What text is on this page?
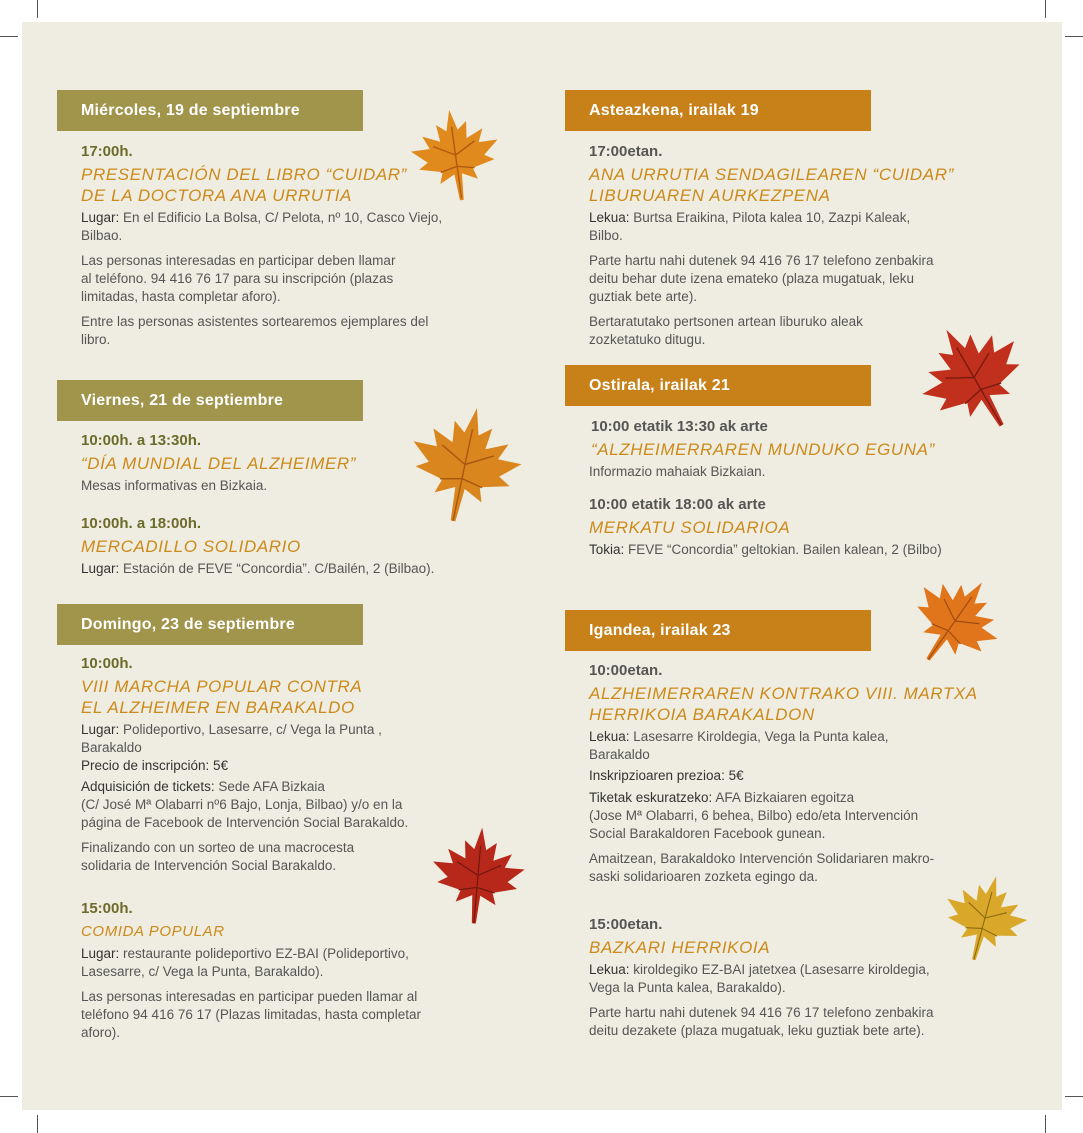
Miércoles, 19 de septiembre
17:00h.
PRESENTACIÓN DEL LIBRO “CUIDAR”
DE LA DOCTORA ANA URRUTIA
Lugar: En el Edificio La Bolsa, C/ Pelota, nº 10, Casco Viejo,
Bilbao.
Las personas interesadas en participar deben llamar
al teléfono. 94 416 76 17 para su inscripción (plazas
limitadas, hasta completar aforo).
Entre las personas asistentes sortearemos ejemplares del
libro.
Viernes, 21 de septiembre
10:00h. a 13:30h.
“DÍA MUNDIAL DEL ALZHEIMER”
Mesas informativas en Bizkaia.
10:00h. a 18:00h.
MERCADILLO SOLIDARIO
Lugar: Estación de FEVE “Concordia”. C/Bailén, 2 (Bilbao).
Domingo, 23 de septiembre
10:00h.
VIII MARCHA POPULAR CONTRA
EL ALZHEIMER EN BARAKALDO
Lugar: Polideportivo, Lasesarre, c/ Vega la Punta ,
Barakaldo
Precio de inscripción: 5€
Adquisición de tickets: Sede AFA Bizkaia
(C/ José Mª Olabarri nº6 Bajo, Lonja, Bilbao) y/o en la
página de Facebook de Intervención Social Barakaldo.
Finalizando con un sorteo de una macrocesta
solidaria de Intervención Social Barakaldo.
15:00h.
COMIDA POPULAR
Lugar: restaurante polideportivo EZ-BAI (Polideportivo,
Lasesarre, c/ Vega la Punta, Barakaldo).
Las personas interesadas en participar pueden llamar al
teléfono 94 416 76 17 (Plazas limitadas, hasta completar
aforo).
Asteazkena, irailak 19
17:00etan.
ANA URRUTIA SENDAGILEAREN “CUIDAR”
LIBURUAREN AURKEZPENA
Lekua: Burtsa Eraikina, Pilota kalea 10, Zazpi Kaleak,
Bilbo.
Parte hartu nahi dutenek 94 416 76 17 telefono zenbakira
deitu behar dute izena emateko (plaza mugatuak, leku
guztiak bete arte).
Bertaratutako pertsonen artean liburuko aleak
zozketatuko ditugu.
Ostirala, irailak 21
10:00 etatik 13:30 ak arte
“ALZHEIMERRAREN MUNDUKO EGUNA”
Informazio mahaiak Bizkaian.
10:00 etatik 18:00 ak arte
MERKATU SOLIDARIOA
Tokia: FEVE “Concordia” geltokian. Bailen kalean, 2 (Bilbo)
Igandea, irailak 23
10:00etan.
ALZHEIMERRAREN KONTRAKO VIII. MARTXA
HERRIKOIA BARAKALDON
Lekua: Lasesarre Kiroldegia, Vega la Punta kalea,
Barakaldo
Inskripzioaren prezioa: 5€
Tiketak eskuratzeko: AFA Bizkaiaren egoitza
(Jose Mª Olabarri, 6 behea, Bilbo) edo/eta Intervención
Social Barakaldoren Facebook gunean.
Amaitzean, Barakaldoko Intervención Solidariaren makro-
saski solidarioaren zozketa egingo da.
15:00etan.
BAZKARI HERRIKOIA
Lekua: kiroldegiko EZ-BAI jatetxea (Lasesarre kiroldegia,
Vega la Punta kalea, Barakaldo).
Parte hartu nahi dutenek 94 416 76 17 telefono zenbakira
deitu dezakete (plaza mugatuak, leku guztiak bete arte).
